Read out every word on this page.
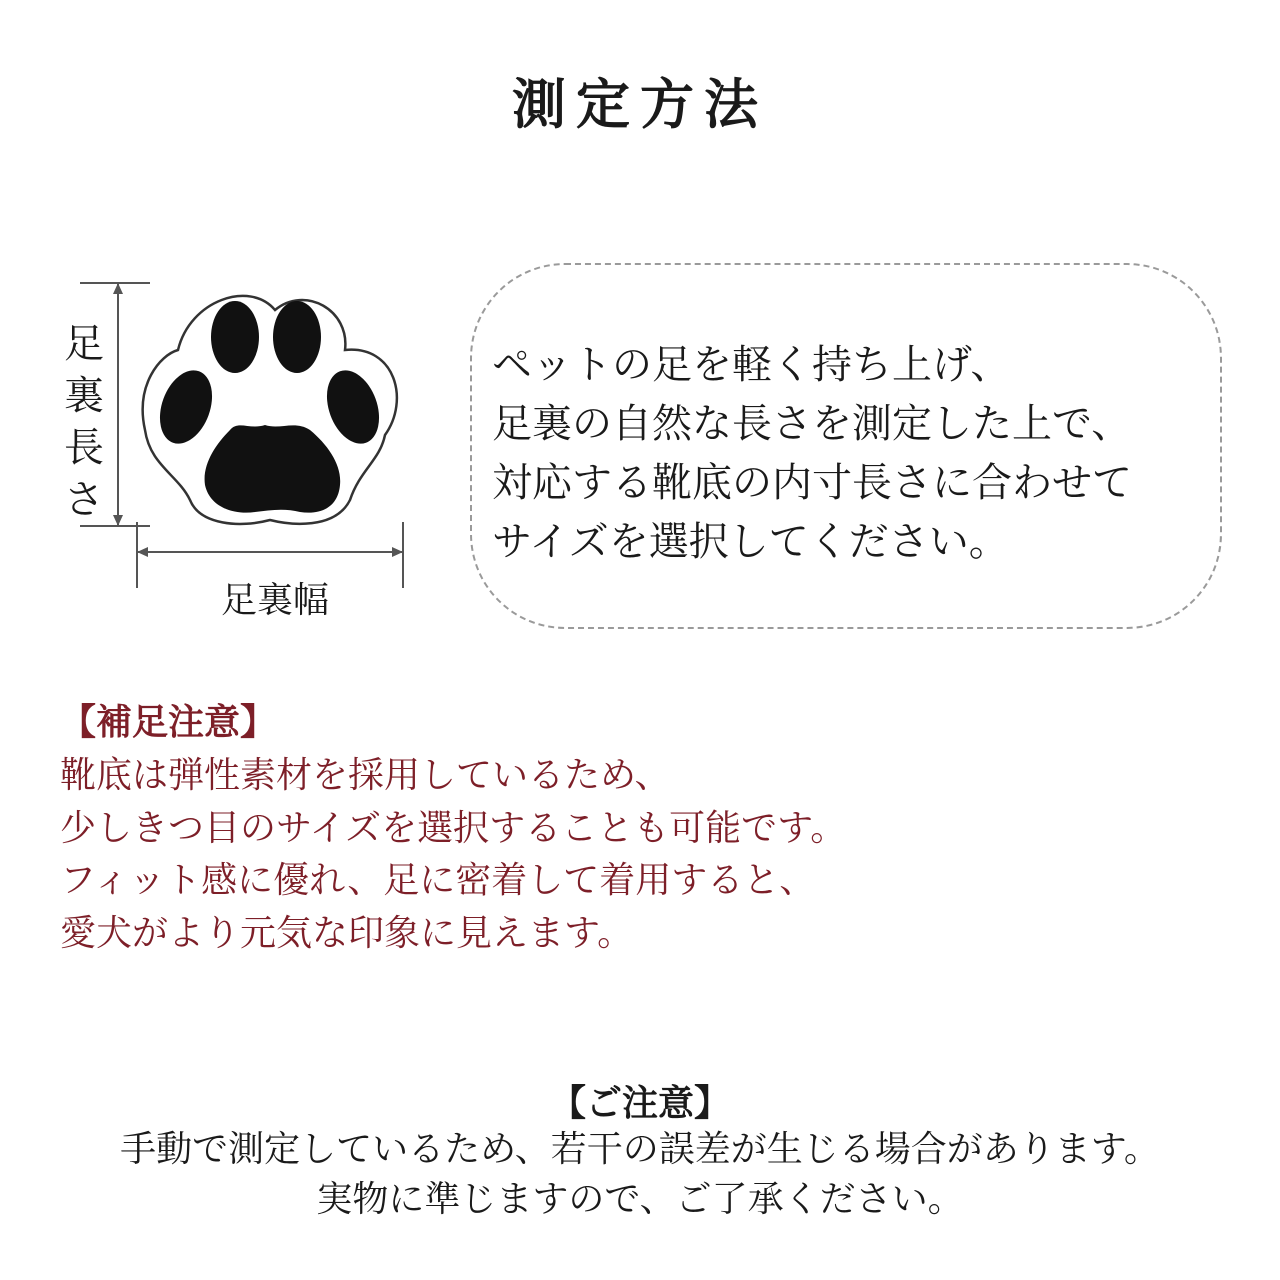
測定方法
足
裏
長
さ
足裏幅
ペットの足を軽く持ち上げ、
足裏の自然な長さを測定した上で、
対応する靴底の内寸長さに合わせて
サイズを選択してください。
【補足注意】
靴底は弾性素材を採用しているため、
少しきつ目のサイズを選択することも可能です。
フィット感に優れ、足に密着して着用すると、
愛犬がより元気な印象に見えます。
【ご注意】
手動で測定しているため、若干の誤差が生じる場合があります。
実物に準じますので、ご了承ください。
